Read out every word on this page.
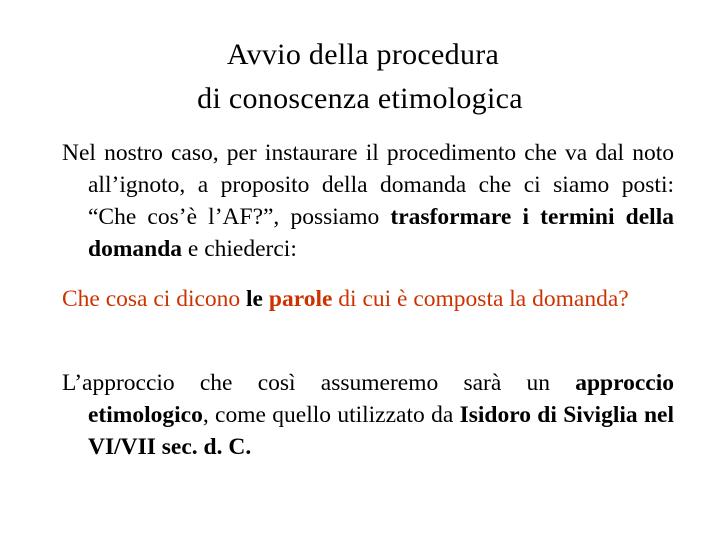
Avvio della procedura
di conoscenza etimologica
Nel nostro caso, per instaurare il procedimento che va dal noto all’ignoto, a proposito della domanda che ci siamo posti: “Che cos’è l’AF?”, possiamo trasformare i termini della domanda e chiederci:
Che cosa ci dicono le parole di cui è composta la domanda?
L’approccio che così assumeremo sarà un approccio etimologico, come quello utilizzato da Isidoro di Siviglia nel VI/VII sec. d. C.
